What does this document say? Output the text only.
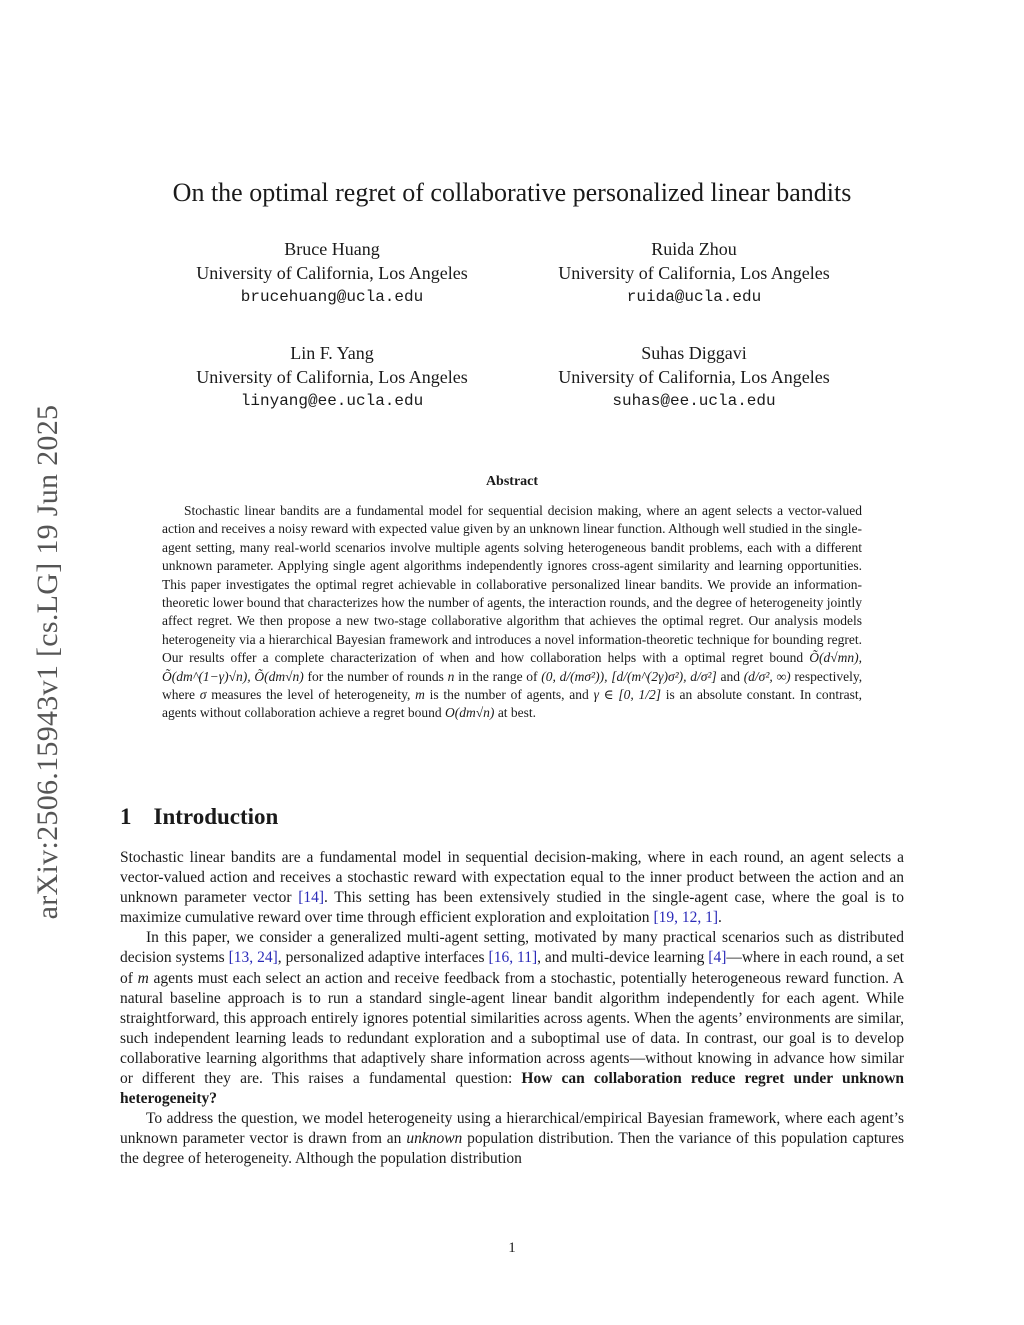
arXiv:2506.15943v1 [cs.LG] 19 Jun 2025
On the optimal regret of collaborative personalized linear bandits
Bruce Huang
University of California, Los Angeles
brucehuang@ucla.edu
Ruida Zhou
University of California, Los Angeles
ruida@ucla.edu
Lin F. Yang
University of California, Los Angeles
linyang@ee.ucla.edu
Suhas Diggavi
University of California, Los Angeles
suhas@ee.ucla.edu
Abstract

Stochastic linear bandits are a fundamental model for sequential decision making, where an agent selects a vector-valued action and receives a noisy reward with expected value given by an unknown linear function. Although well studied in the single-agent setting, many real-world scenarios involve multiple agents solving heterogeneous bandit problems, each with a different unknown parameter. Applying single agent algorithms independently ignores cross-agent similarity and learning opportunities. This paper investigates the optimal regret achievable in collaborative personalized linear bandits. We provide an information-theoretic lower bound that characterizes how the number of agents, the interaction rounds, and the degree of heterogeneity jointly affect regret. We then propose a new two-stage collaborative algorithm that achieves the optimal regret. Our analysis models heterogeneity via a hierarchical Bayesian framework and introduces a novel information-theoretic technique for bounding regret. Our results offer a complete characterization of when and how collaboration helps with a optimal regret bound Õ(d√mn), Õ(dm^(1−γ)√n), Õ(dm√n) for the number of rounds n in the range of (0, d/(mσ²)), [d/(m^(2γ)σ²), d/σ²] and (d/σ², ∞) respectively, where σ measures the level of heterogeneity, m is the number of agents, and γ ∈ [0, 1/2] is an absolute constant. In contrast, agents without collaboration achieve a regret bound O(dm√n) at best.

1 Introduction

Stochastic linear bandits are a fundamental model in sequential decision-making, where in each round, an agent selects a vector-valued action and receives a stochastic reward with expectation equal to the inner product between the action and an unknown parameter vector [14]. This setting has been extensively studied in the single-agent case, where the goal is to maximize cumulative reward over time through efficient exploration and exploitation [19, 12, 1].

In this paper, we consider a generalized multi-agent setting, motivated by many practical scenarios such as distributed decision systems [13, 24], personalized adaptive interfaces [16, 11], and multi-device learning [4]—where in each round, a set of m agents must each select an action and receive feedback from a stochastic, potentially heterogeneous reward function. A natural baseline approach is to run a standard single-agent linear bandit algorithm independently for each agent. While straightforward, this approach entirely ignores potential similarities across agents. When the agents’ environments are similar, such independent learning leads to redundant exploration and a suboptimal use of data. In contrast, our goal is to develop collaborative learning algorithms that adaptively share information across agents—without knowing in advance how similar or different they are. This raises a fundamental question: How can collaboration reduce regret under unknown heterogeneity?

To address the question, we model heterogeneity using a hierarchical/empirical Bayesian framework, where each agent’s unknown parameter vector is drawn from an unknown population distribution. Then the variance of this population captures the degree of heterogeneity. Although the population distribution

1
